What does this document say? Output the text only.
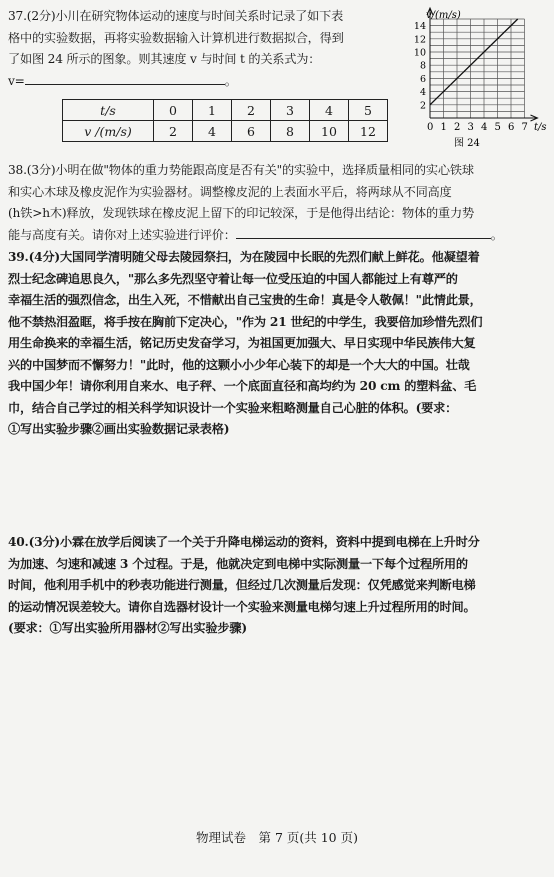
37.(2分)小川在研究物体运动的速度与时间关系时记录了如下表

格中的实验数据，再将实验数据输入计算机进行数据拟合，得到

了如图 24 所示的图象。则其速度 v 与时间 t 的关系式为：

v=	。

t/s	0	1	2	3	4	5
v /(m/s)	2	4	6	8	10	12	0 1 2 3 4 5 6 7
2
4
6
8
10
12
14
v/(m/s)
t/s
图 24

38.(3分)小明在做"物体的重力势能跟高度是否有关"的实验中，选择质量相同的实心铁球

和实心木球及橡皮泥作为实验器材。调整橡皮泥的上表面水平后，将两球从不同高度

(h铁>h木)释放，发现铁球在橡皮泥上留下的印记较深，于是他得出结论：物体的重力势

能与高度有关。请你对上述实验进行评价：	。

39.(4分)大国同学清明随父母去陵园祭扫，为在陵园中长眠的先烈们献上鲜花。他凝望着

烈士纪念碑追思良久，"那么多先烈坚守着让每一位受压迫的中国人都能过上有尊严的

幸福生活的强烈信念，出生入死，不惜献出自己宝贵的生命！真是令人敬佩！"此情此景，

他不禁热泪盈眶，将手按在胸前下定决心，"作为 21 世纪的中学生，我要倍加珍惜先烈们

用生命换来的幸福生活，铭记历史发奋学习，为祖国更加强大、早日实现中华民族伟大复

兴的中国梦而不懈努力！"此时，他的这颗小小少年心装下的却是一个大大的中国。壮哉

我中国少年！请你利用自来水、电子秤、一个底面直径和高均约为 20 cm 的塑料盆、毛

巾，结合自己学过的相关科学知识设计一个实验来粗略测量自己心脏的体积。(要求：

①写出实验步骤②画出实验数据记录表格)

40.(3分)小霖在放学后阅读了一个关于升降电梯运动的资料，资料中提到电梯在上升时分

为加速、匀速和减速 3 个过程。于是，他就决定到电梯中实际测量一下每个过程所用的

时间，他利用手机中的秒表功能进行测量，但经过几次测量后发现：仅凭感觉来判断电梯

的运动情况误差较大。请你自选器材设计一个实验来测量电梯匀速上升过程所用的时间。

(要求：①写出实验所用器材②写出实验步骤)

物理试卷　第 7 页(共 10 页)
